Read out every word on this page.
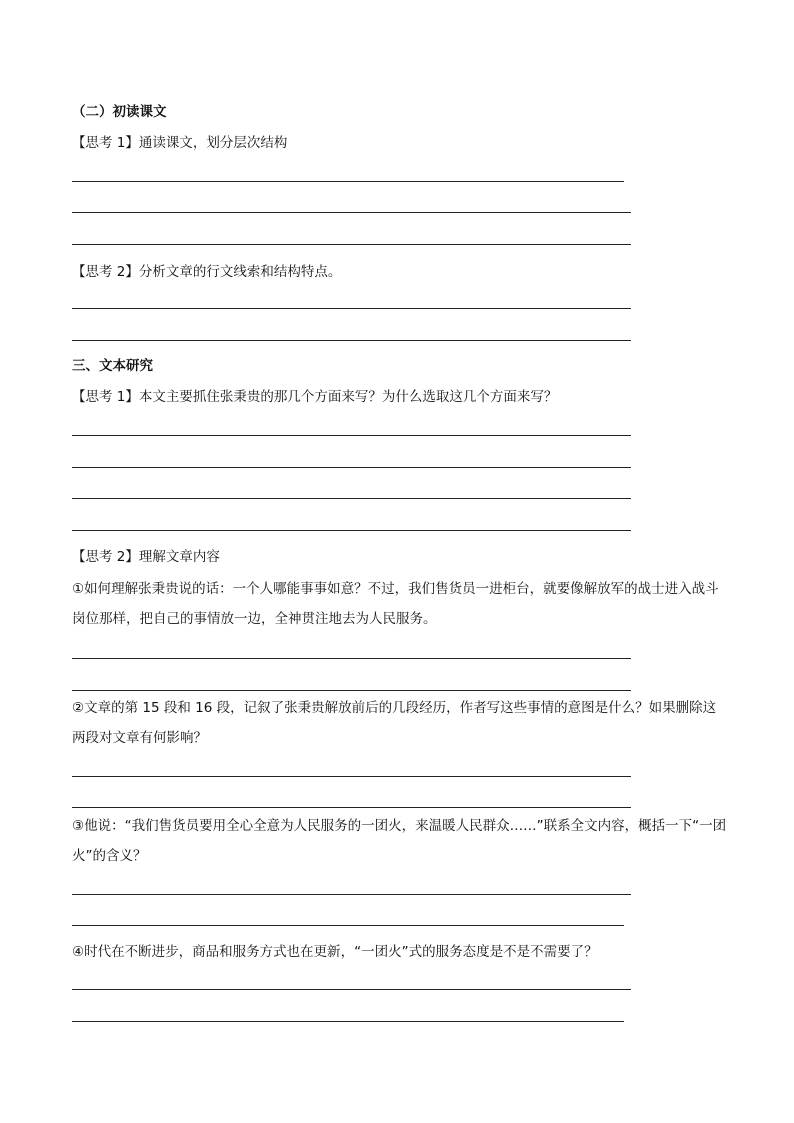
（二）初读课文
【思考 1】通读课文，划分层次结构
【思考 2】分析文章的行文线索和结构特点。
三、文本研究
【思考 1】本文主要抓住张秉贵的那几个方面来写？为什么选取这几个方面来写？
【思考 2】理解文章内容
①如何理解张秉贵说的话：一个人哪能事事如意？不过，我们售货员一进柜台，就要像解放军的战士进入战斗岗位那样，把自己的事情放一边，全神贯注地去为人民服务。
②文章的第 15 段和 16 段，记叙了张秉贵解放前后的几段经历，作者写这些事情的意图是什么？如果删除这两段对文章有何影响？
③他说：“我们售货员要用全心全意为人民服务的一团火，来温暖人民群众……”联系全文内容，概括一下“一团火”的含义？
④时代在不断进步，商品和服务方式也在更新，“一团火”式的服务态度是不是不需要了？
